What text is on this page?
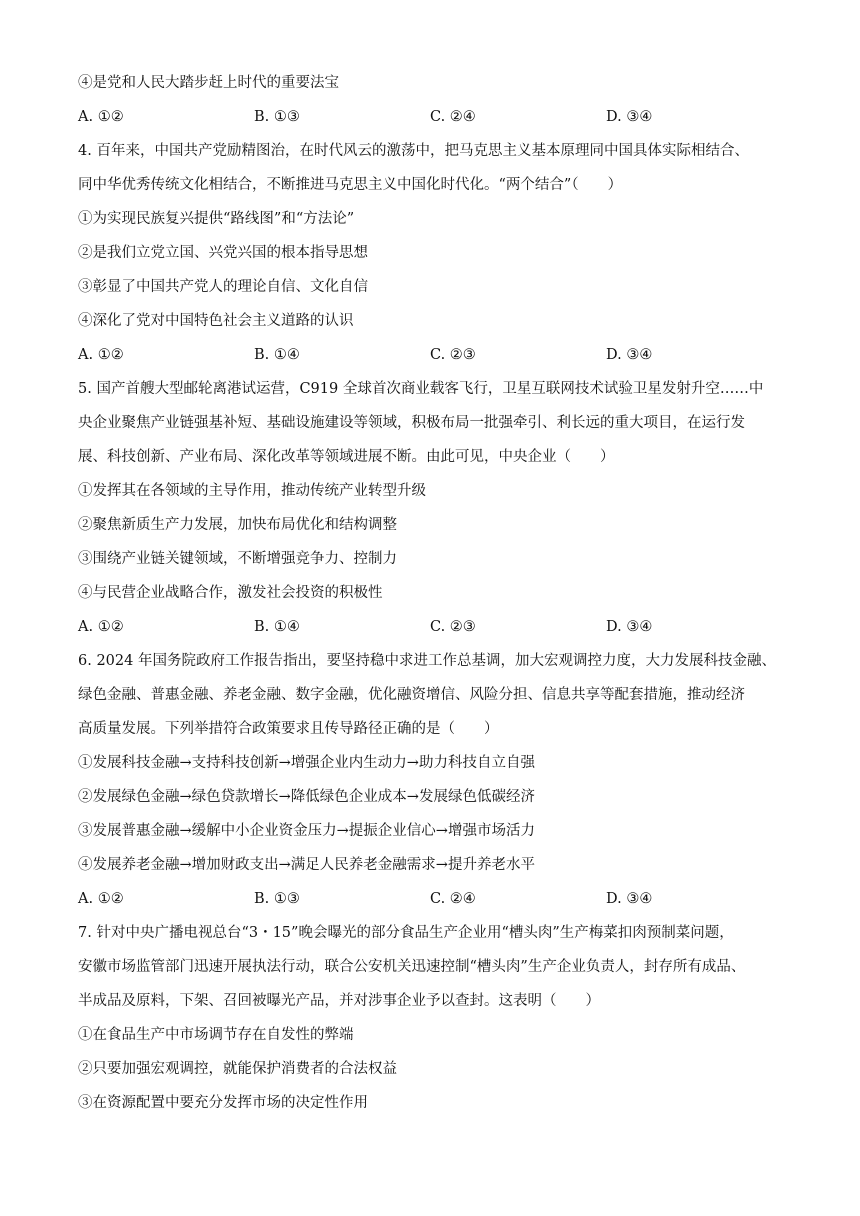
④是党和人民大踏步赶上时代的重要法宝
A. ①②	B. ①③	C. ②④	D. ③④
4. 百年来，中国共产党励精图治，在时代风云的激荡中，把马克思主义基本原理同中国具体实际相结合、
同中华优秀传统文化相结合，不断推进马克思主义中国化时代化。“两个结合”（　　）
①为实现民族复兴提供“路线图”和“方法论”
②是我们立党立国、兴党兴国的根本指导思想
③彰显了中国共产党人的理论自信、文化自信
④深化了党对中国特色社会主义道路的认识
A. ①②	B. ①④	C. ②③	D. ③④
5. 国产首艘大型邮轮离港试运营，C919 全球首次商业载客飞行，卫星互联网技术试验卫星发射升空……中
央企业聚焦产业链强基补短、基础设施建设等领域，积极布局一批强牵引、利长远的重大项目，在运行发
展、科技创新、产业布局、深化改革等领域进展不断。由此可见，中央企业（　　）
①发挥其在各领域的主导作用，推动传统产业转型升级
②聚焦新质生产力发展，加快布局优化和结构调整
③围绕产业链关键领域，不断增强竞争力、控制力
④与民营企业战略合作，激发社会投资的积极性
A. ①②	B. ①④	C. ②③	D. ③④
6. 2024 年国务院政府工作报告指出，要坚持稳中求进工作总基调，加大宏观调控力度，大力发展科技金融、
绿色金融、普惠金融、养老金融、数字金融，优化融资增信、风险分担、信息共享等配套措施，推动经济
高质量发展。下列举措符合政策要求且传导路径正确的是（　　）
①发展科技金融→支持科技创新→增强企业内生动力→助力科技自立自强
②发展绿色金融→绿色贷款增长→降低绿色企业成本→发展绿色低碳经济
③发展普惠金融→缓解中小企业资金压力→提振企业信心→增强市场活力
④发展养老金融→增加财政支出→满足人民养老金融需求→提升养老水平
A. ①②	B. ①③	C. ②④	D. ③④
7. 针对中央广播电视总台“3・15”晚会曝光的部分食品生产企业用“槽头肉”生产梅菜扣肉预制菜问题，
安徽市场监管部门迅速开展执法行动，联合公安机关迅速控制“槽头肉”生产企业负责人，封存所有成品、
半成品及原料，下架、召回被曝光产品，并对涉事企业予以查封。这表明（　　）
①在食品生产中市场调节存在自发性的弊端
②只要加强宏观调控，就能保护消费者的合法权益
③在资源配置中要充分发挥市场的决定性作用
